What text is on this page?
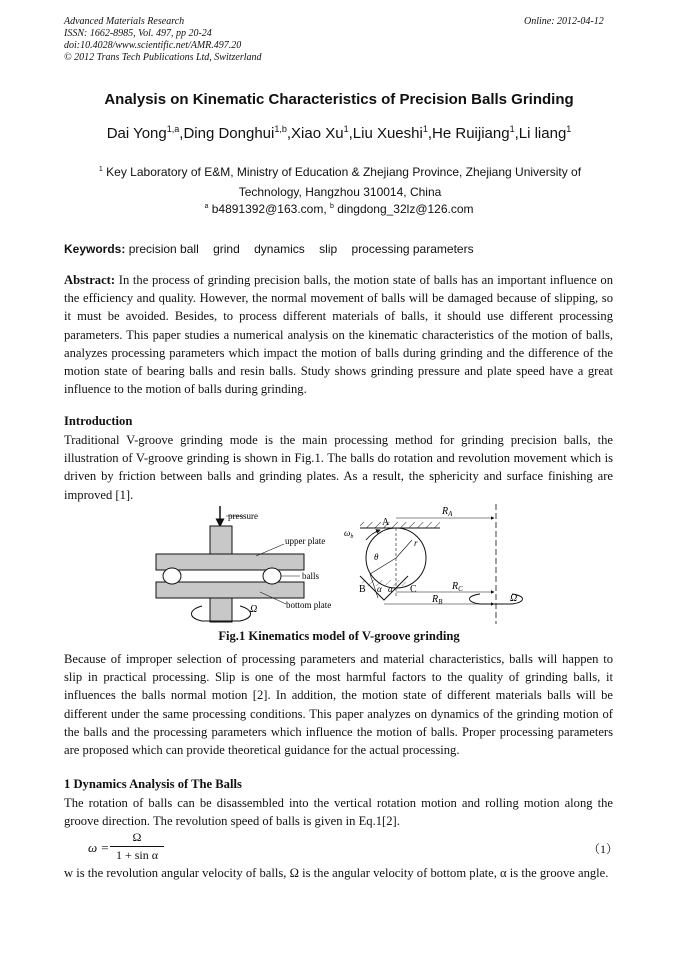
Advanced Materials Research
ISSN: 1662-8985, Vol. 497, pp 20-24
doi:10.4028/www.scientific.net/AMR.497.20
© 2012 Trans Tech Publications Ltd, Switzerland
Online: 2012-04-12
Analysis on Kinematic Characteristics of Precision Balls Grinding
Dai Yong$^{1,a}$,Ding Donghui$^{1,b}$,Xiao Xu$^1$,Liu Xueshi$^1$,He Ruijiang$^1$,Li liang$^1$
$^1$ Key Laboratory of E&M, Ministry of Education & Zhejiang Province, Zhejiang University of Technology, Hangzhou 310014, China
$^a$ b4891392@163.com, $^b$ dingdong_32lz@126.com
Keywords: precision ball grind dynamics slip processing parameters
Abstract: In the process of grinding precision balls, the motion state of balls has an important influence on the efficiency and quality. However, the normal movement of balls will be damaged because of slipping, so it must be avoided. Besides, to process different materials of balls, it should use different processing parameters. This paper studies a numerical analysis on the kinematic characteristics of the motion of balls, analyzes processing parameters which impact the motion of balls during grinding and the difference of the motion state of bearing balls and resin balls. Study shows grinding pressure and plate speed have a great influence to the motion of balls during grinding.
Introduction
Traditional V-groove grinding mode is the main processing method for grinding precision balls, the illustration of V-groove grinding is shown in Fig.1. The balls do rotation and revolution movement which is driven by friction between balls and grinding plates. As a result, the sphericity and surface finishing are improved [1].
pressure
upper plate
balls
bottom plate
Ω
$\omega_b$
A
B	C
r
θ
α α
$R_A$
$R_C$
$R_B$	Ω
Fig.1 Kinematics model of V-groove grinding
Because of improper selection of processing parameters and material characteristics, balls will happen to slip in practical processing. Slip is one of the most harmful factors to the quality of grinding balls, it influences the balls normal motion [2]. In addition, the motion state of different materials balls will be different under the same processing conditions. This paper analyzes on dynamics of the grinding motion of the balls and the processing parameters which influence the motion of balls. Proper processing parameters are proposed which can provide theoretical guidance for the actual processing.
1 Dynamics Analysis of The Balls
The rotation of balls can be disassembled into the vertical rotation motion and rolling motion along the groove direction. The revolution speed of balls is given in Eq.1[2].
$\omega = \frac{\Omega}{\text{1 + sin α}}$	（1）
w is the revolution angular velocity of balls, Ω is the angular velocity of bottom plate, α is the groove angle.
